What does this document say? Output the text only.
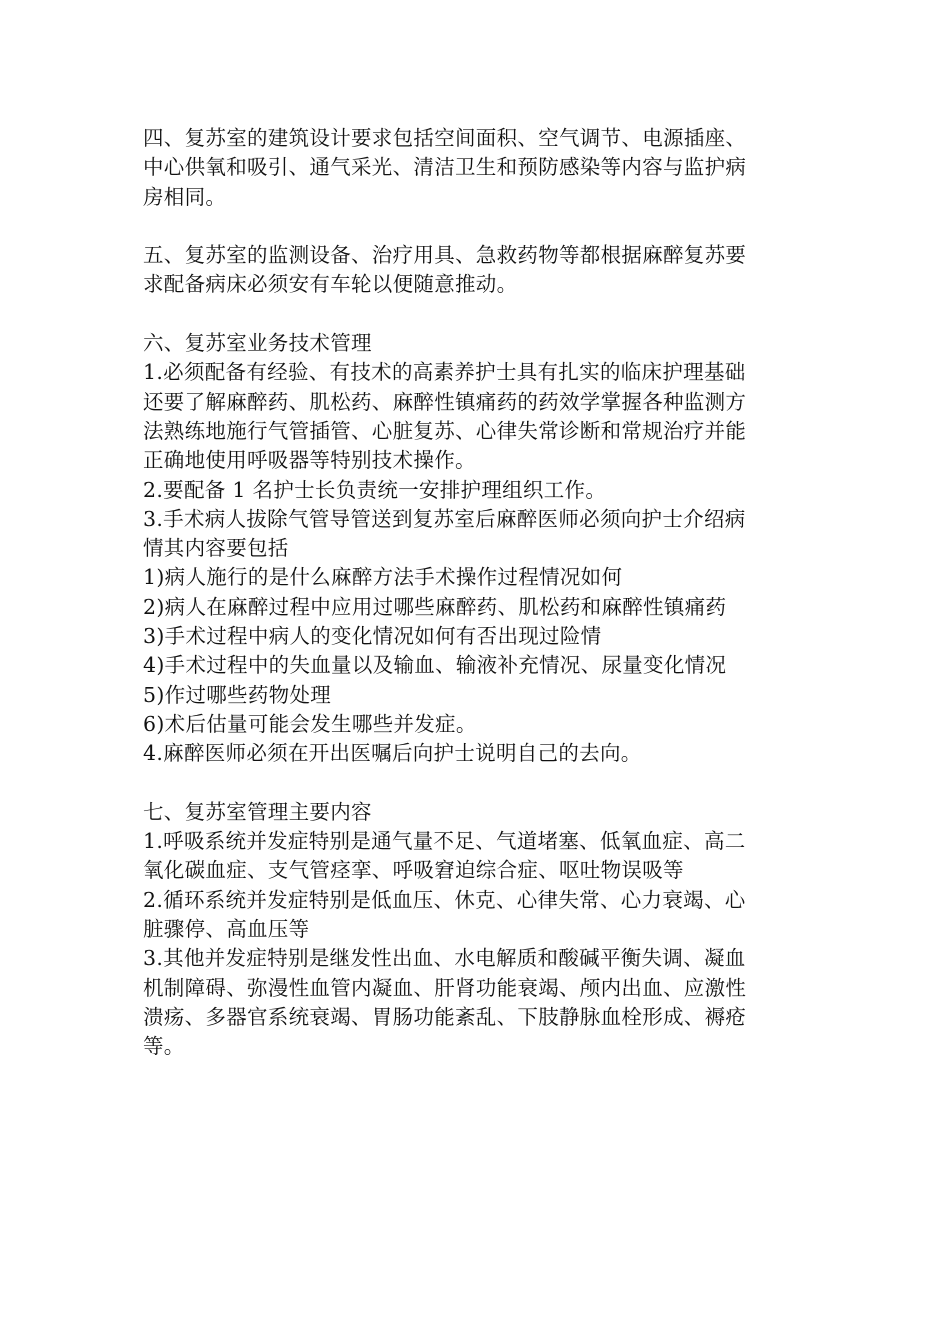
四、复苏室的建筑设计要求包括空间面积、空气调节、电源插座、
中心供氧和吸引、通气采光、清洁卫生和预防感染等内容与监护病
房相同。
五、复苏室的监测设备、治疗用具、急救药物等都根据麻醉复苏要
求配备病床必须安有车轮以便随意推动。
六、复苏室业务技术管理
1.必须配备有经验、有技术的高素养护士具有扎实的临床护理基础
还要了解麻醉药、肌松药、麻醉性镇痛药的药效学掌握各种监测方
法熟练地施行气管插管、心脏复苏、心律失常诊断和常规治疗并能
正确地使用呼吸器等特别技术操作。
2.要配备 1 名护士长负责统一安排护理组织工作。
3.手术病人拔除气管导管送到复苏室后麻醉医师必须向护士介绍病
情其内容要包括
1)病人施行的是什么麻醉方法手术操作过程情况如何
2)病人在麻醉过程中应用过哪些麻醉药、肌松药和麻醉性镇痛药
3)手术过程中病人的变化情况如何有否出现过险情
4)手术过程中的失血量以及输血、输液补充情况、尿量变化情况
5)作过哪些药物处理
6)术后估量可能会发生哪些并发症。
4.麻醉医师必须在开出医嘱后向护士说明自己的去向。
七、复苏室管理主要内容
1.呼吸系统并发症特别是通气量不足、气道堵塞、低氧血症、高二
氧化碳血症、支气管痉挛、呼吸窘迫综合症、呕吐物误吸等
2.循环系统并发症特别是低血压、休克、心律失常、心力衰竭、心
脏骤停、高血压等
3.其他并发症特别是继发性出血、水电解质和酸碱平衡失调、凝血
机制障碍、弥漫性血管内凝血、肝肾功能衰竭、颅内出血、应激性
溃疡、多器官系统衰竭、胃肠功能紊乱、下肢静脉血栓形成、褥疮
等。
